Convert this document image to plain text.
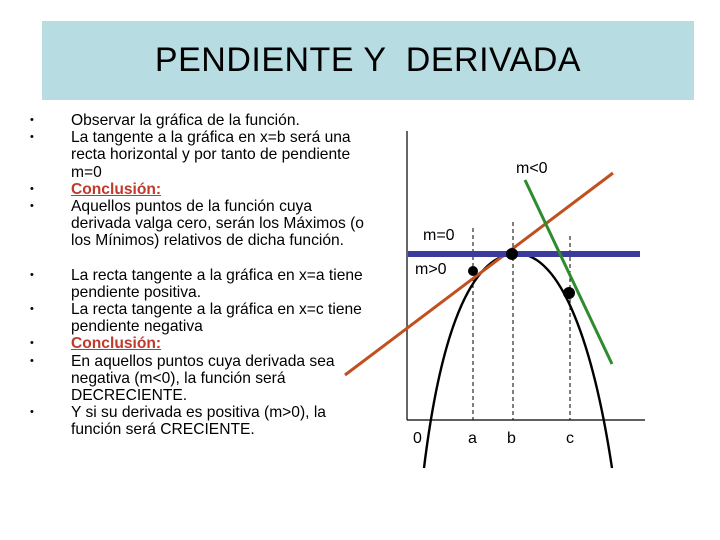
PENDIENTE Y  DERIVADA
• Observar la gráfica de la función.
• La tangente a la gráfica en x=b será una recta horizontal y por tanto de pendiente m=0
• Conclusión:
• Aquellos puntos de la función cuya derivada valga cero, serán los Máximos (o los Mínimos) relativos de dicha función.
• La recta tangente a la gráfica en x=a tiene pendiente positiva.
• La recta tangente a la gráfica en x=c tiene pendiente negativa
• Conclusión:
• En aquellos puntos cuya derivada sea negativa (m<0), la función será DECRECIENTE.
• Y si su derivada es positiva (m>0), la función será CRECIENTE.
m<0
m=0
m>0
0	a b	c
